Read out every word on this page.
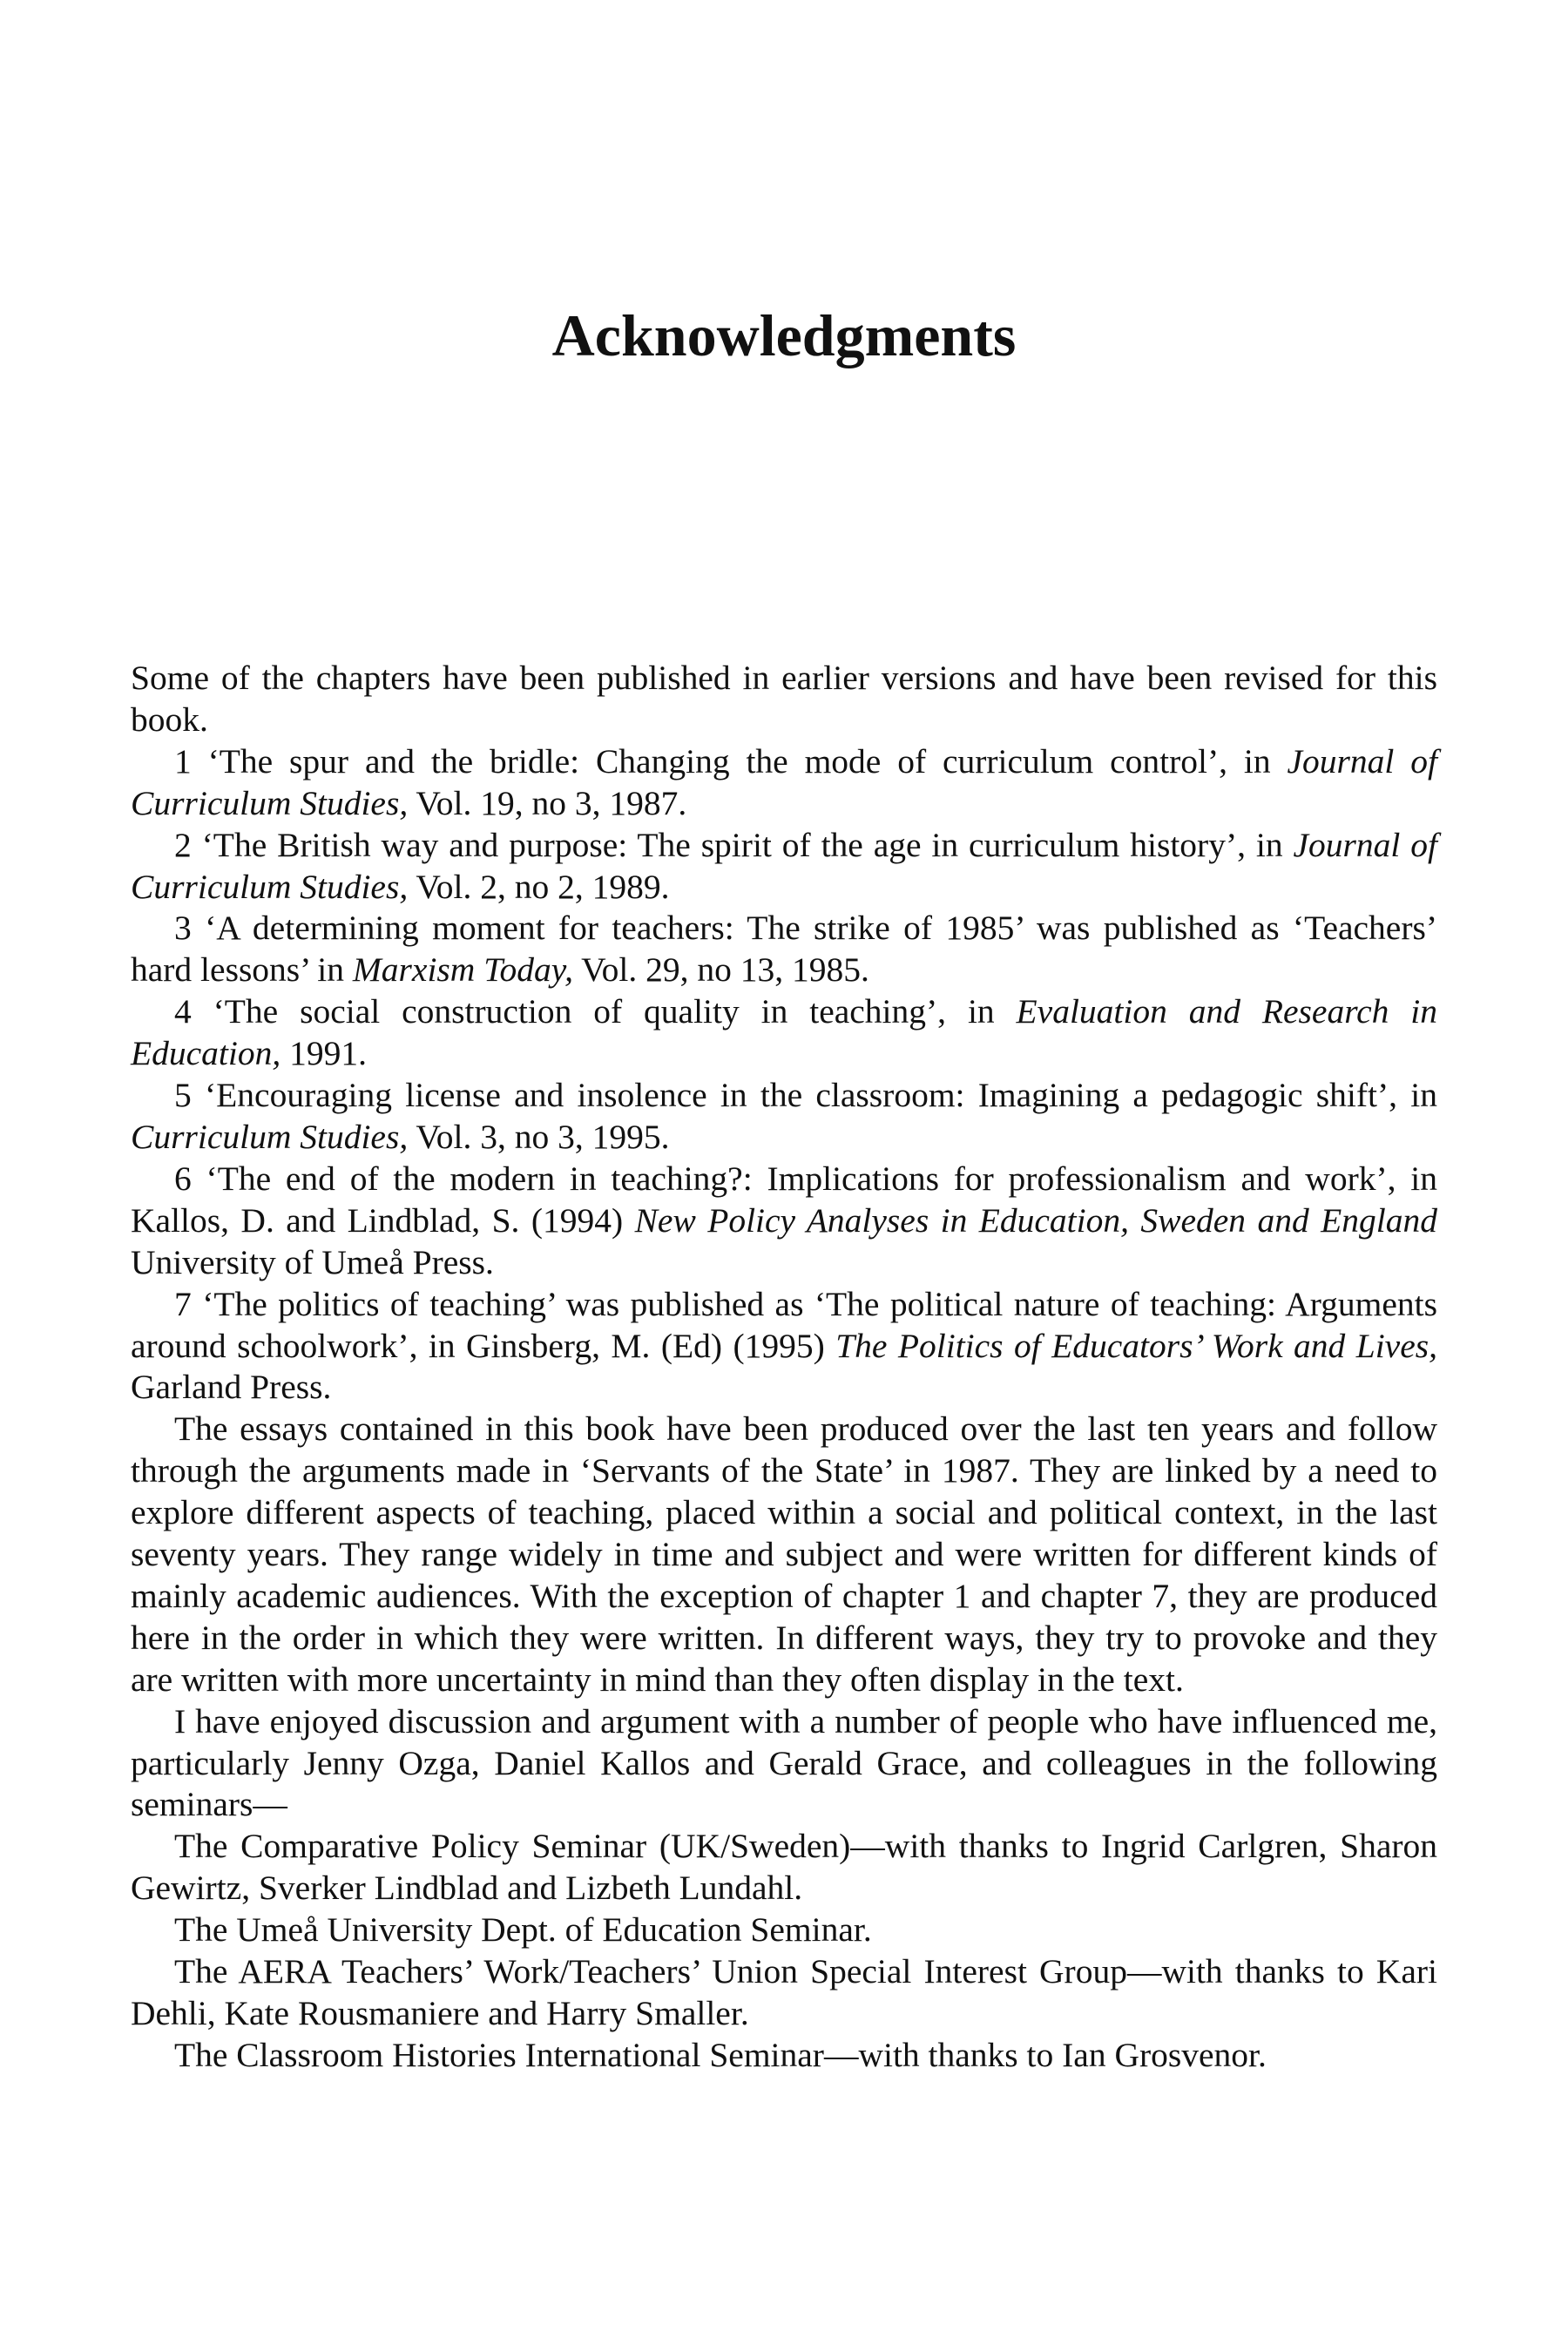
Acknowledgments

Some of the chapters have been published in earlier versions and have been revised for this book.

1 ‘The spur and the bridle: Changing the mode of curriculum control’, in Journal of Curriculum Studies, Vol. 19, no 3, 1987.

2 ‘The British way and purpose: The spirit of the age in curriculum history’, in Journal of Curriculum Studies, Vol. 2, no 2, 1989.

3 ‘A determining moment for teachers: The strike of 1985’ was published as ‘Teachers’ hard lessons’ in Marxism Today, Vol. 29, no 13, 1985.

4 ‘The social construction of quality in teaching’, in Evaluation and Research in Education, 1991.

5 ‘Encouraging license and insolence in the classroom: Imagining a pedagogic shift’, in Curriculum Studies, Vol. 3, no 3, 1995.

6 ‘The end of the modern in teaching?: Implications for professionalism and work’, in Kallos, D. and Lindblad, S. (1994) New Policy Analyses in Education, Sweden and England University of Umeå Press.

7 ‘The politics of teaching’ was published as ‘The political nature of teaching: Arguments around schoolwork’, in Ginsberg, M. (Ed) (1995) The Politics of Educators’ Work and Lives, Garland Press.

The essays contained in this book have been produced over the last ten years and follow through the arguments made in ‘Servants of the State’ in 1987. They are linked by a need to explore different aspects of teaching, placed within a social and political context, in the last seventy years. They range widely in time and subject and were written for different kinds of mainly academic audiences. With the exception of chapter 1 and chapter 7, they are produced here in the order in which they were written. In different ways, they try to provoke and they are written with more uncertainty in mind than they often display in the text.

I have enjoyed discussion and argument with a number of people who have influenced me, particularly Jenny Ozga, Daniel Kallos and Gerald Grace, and colleagues in the following seminars—

The Comparative Policy Seminar (UK/Sweden)—with thanks to Ingrid Carlgren, Sharon Gewirtz, Sverker Lindblad and Lizbeth Lundahl.

The Umeå University Dept. of Education Seminar.

The AERA Teachers’ Work/Teachers’ Union Special Interest Group—with thanks to Kari Dehli, Kate Rousmaniere and Harry Smaller.

The Classroom Histories International Seminar—with thanks to Ian Grosvenor.
